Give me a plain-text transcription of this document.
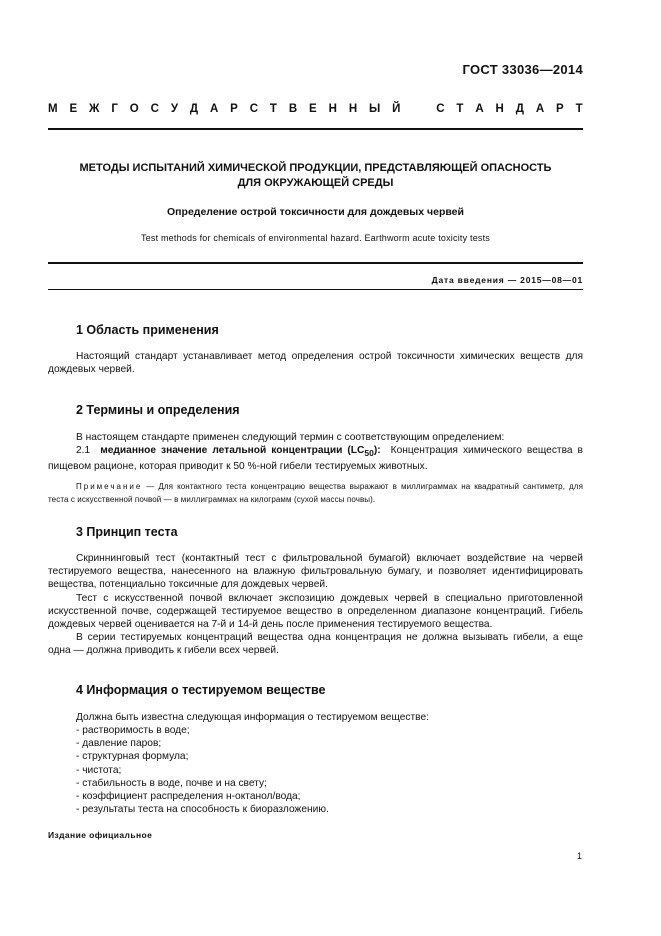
ГОСТ 33036—2014
М Е Ж Г О С У Д А Р С Т В Е Н Н Ы Й	С Т А Н Д А Р Т
МЕТОДЫ ИСПЫТАНИЙ ХИМИЧЕСКОЙ ПРОДУКЦИИ, ПРЕДСТАВЛЯЮЩЕЙ ОПАСНОСТЬ
ДЛЯ ОКРУЖАЮЩЕЙ СРЕДЫ
Определение острой токсичности для дождевых червей
Test methods for chemicals of environmental hazard. Earthworm acute toxicity tests
Дата введения — 2015—08—01
1 Область применения

Настоящий стандарт устанавливает метод определения острой токсичности химических веществ для дождевых червей.

2 Термины и определения

В настоящем стандарте применен следующий термин с соответствующим определением:

2.1 медианное значение летальной концентрации $(LC_{50})$: Концентрация химического вещества в пищевом рационе, которая приводит к 50 %-ной гибели тестируемых животных.

Примечание — Для контактного теста концентрацию вещества выражают в миллиграммах на квадратный сантиметр, для теста с искусственной почвой — в миллиграммах на килограмм (сухой массы почвы).

3 Принцип теста

Скриннинговый тест (контактный тест с фильтровальной бумагой) включает воздействие на червей тестируемого вещества, нанесенного на влажную фильтровальную бумагу, и позволяет идентифицировать вещества, потенциально токсичные для дождевых червей.

Тест с искусственной почвой включает экспозицию дождевых червей в специально приготовленной искусственной почве, содержащей тестируемое вещество в определенном диапазоне концентраций. Гибель дождевых червей оценивается на 7-й и 14-й день после применения тестируемого вещества.

В серии тестируемых концентраций вещества одна концентрация не должна вызывать гибели, а еще одна — должна приводить к гибели всех червей.

4 Информация о тестируемом веществе

Должна быть известна следующая информация о тестируемом веществе:

- растворимость в воде;
- давление паров;
- структурная формула;
- чистота;
- стабильность в воде, почве и на свету;
- коэффициент распределения н-октанол/вода;
- результаты теста на способность к биоразложению.
Издание официальное
1
